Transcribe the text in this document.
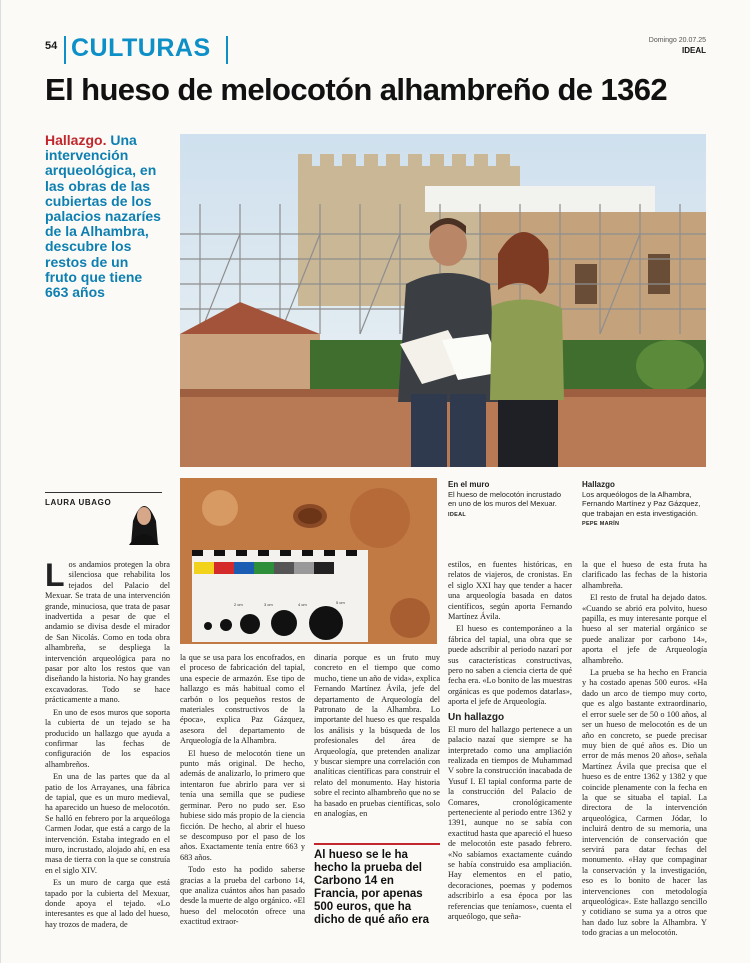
54 CULTURAS	Domingo 20.07.25
IDEAL
El hueso de melocotón alhambreño de 1362
Hallazgo. Una intervención arqueológica, en las obras de las cubiertas de los palacios nazaríes de la Alhambra, descubre los restos de un fruto que tiene 663 años
LAURA UBAGO
2 cm	3 cm	4 cm	5 cm
En el muro
El hueso de melocotón incrustado en uno de los muros del Mexuar. IDEAL
Hallazgo
Los arqueólogos de la Alhambra, Fernando Martínez y Paz Gázquez, que trabajan en esta investigación. PEPE MARÍN

Los andamios protegen la obra silenciosa que rehabilita los tejados del Palacio del Mexuar. Se trata de una intervención grande, minuciosa, que trata de pasar inadvertida a pesar de que el andamio se divisa desde el mirador de San Nicolás. Como en toda obra alhambreña, se despliega la intervención arqueológica para no pasar por alto los restos que van diseñando la historia. No hay grandes excavadoras. Todo se hace prácticamente a mano.

En uno de esos muros que soporta la cubierta de un tejado se ha producido un hallazgo que ayuda a confirmar las fechas de configuración de los espacios alhambreños.

En una de las partes que da al patio de los Arrayanes, una fábrica de tapial, que es un muro medieval, ha aparecido un hueso de melocotón. Se halló en febrero por la arqueóloga Carmen Jodar, que está a cargo de la intervención. Estaba integrado en el muro, incrustado, alojado ahí, en esa masa de tierra con la que se construía en el siglo XIV.

Es un muro de carga que está tapado por la cubierta del Mexuar, donde apoya el tejado. «Lo interesantes es que al lado del hueso, hay trozos de madera, de

la que se usa para los encofrados, en el proceso de fabricación del tapial, una especie de armazón. Ese tipo de hallazgo es más habitual como el carbón o los pequeños restos de materiales constructivos de la época», explica Paz Gázquez, asesora del departamento de Arqueología de la Alhambra.

El hueso de melocotón tiene un punto más original. De hecho, además de analizarlo, lo primero que intentaron fue abrirlo para ver si tenía una semilla que se pudiese germinar. Pero no pudo ser. Eso hubiese sido más propio de la ciencia ficción. De hecho, al abrir el hueso se descompuso por el paso de los años. Exactamente tenía entre 663 y 683 años.

Todo esto ha podido saberse gracias a la prueba del carbono 14, que analiza cuántos años han pasado desde la muerte de algo orgánico. «El hueso del melocotón ofrece una exactitud extraor-

dinaria porque es un fruto muy concreto en el tiempo que como mucho, tiene un año de vida», explica Fernando Martínez Ávila, jefe del departamento de Arqueología del Patronato de la Alhambra. Lo importante del hueso es que respalda los análisis y la búsqueda de los profesionales del área de Arqueología, que pretenden analizar y buscar siempre una correlación con analíticas científicas para construir el relato del monumento. Hay historia sobre el recinto alhambreño que no se ha basado en pruebas científicas, solo en analogías, en

Al hueso se le ha hecho la prueba del Carbono 14 en Francia, por apenas 500 euros, que ha dicho de qué año era

estilos, en fuentes históricas, en relatos de viajeros, de cronistas. En el siglo XXI hay que tender a hacer una arqueología basada en datos científicos, según aporta Fernando Martínez Ávila.

El hueso es contemporáneo a la fábrica del tapial, una obra que se puede adscribir al periodo nazarí por sus características constructivas, pero no saben a ciencia cierta de qué fecha era. «Lo bonito de las muestras orgánicas es que podemos datarlas», aporta el jefe de Arqueología.

Un hallazgo

El muro del hallazgo pertenece a un palacio nazaí que siempre se ha interpretado como una ampliación realizada en tiempos de Muhammad V sobre la construcción inacabada de Yusuf I. El tapial conforma parte de la construcción del Palacio de Comares, cronológicamente perteneciente al periodo entre 1362 y 1391, aunque no se sabía con exactitud hasta que apareció el hueso de melocotón este pasado febrero. «No sabíamos exactamente cuándo se había construido esa ampliación. Hay elementos en el patio, decoraciones, poemas y podemos adscribirlo a esa época por las referencias que teníamos», cuenta el arqueólogo, que seña-

la que el hueso de esta fruta ha clarificado las fechas de la historia alhambreña.

El resto de frutal ha dejado datos. «Cuando se abrió era polvito, hueso papilla, es muy interesante porque el hueso al ser material orgánico se puede analizar por carbono 14», aporta el jefe de Arqueología alhambreño.

La prueba se ha hecho en Francia y ha costado apenas 500 euros. «Ha dado un arco de tiempo muy corto, que es algo bastante extraordinario, el error suele ser de 50 o 100 años, al ser un hueso de melocotón es de un año en concreto, se puede precisar muy bien de qué años es. Dio un error de más menos 20 años», señala Martínez Ávila que precisa que el hueso es de entre 1362 y 1382 y que coincide plenamente con la fecha en la que se situaba el tapial. La directora de la intervención arqueológica, Carmen Jódar, lo incluirá dentro de su memoria, una intervención de conservación que servirá para datar fechas del monumento. «Hay que compaginar la conservación y la investigación, eso es lo bonito de hacer las intervenciones con metodología arqueológica». Este hallazgo sencillo y cotidiano se suma ya a otros que han dado luz sobre la Alhambra. Y todo gracias a un melocotón.
